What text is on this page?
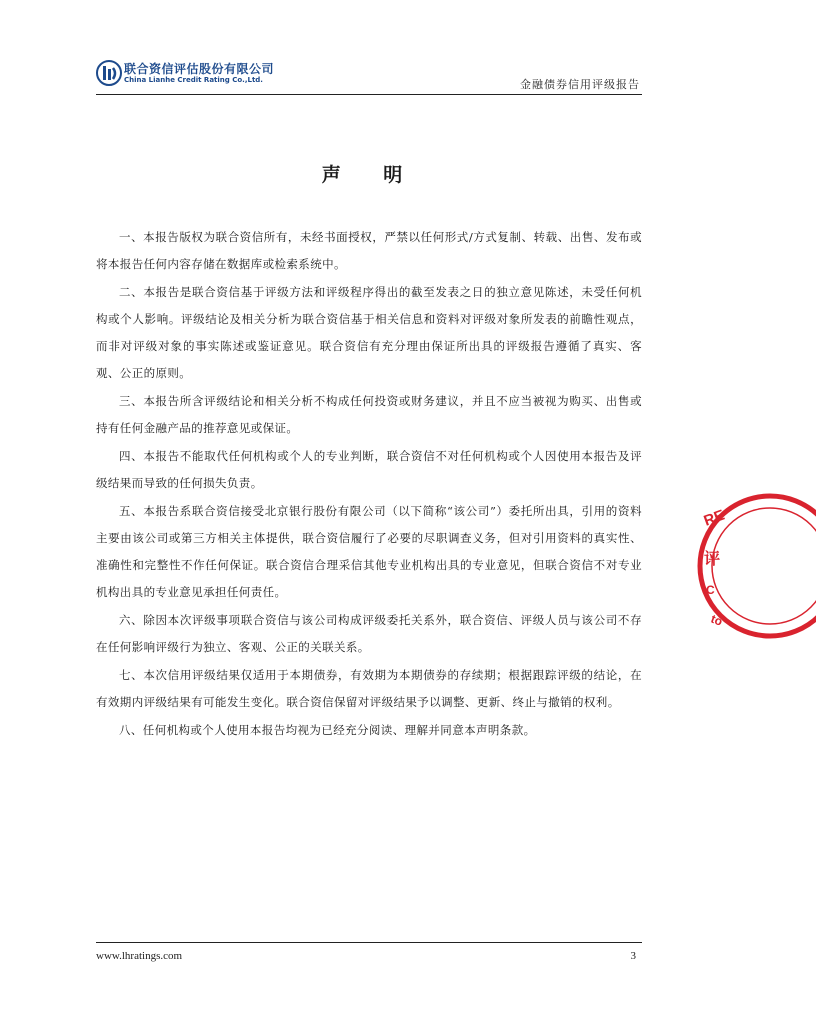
联合资信评估股份有限公司
China Lianhe Credit Rating Co.,Ltd.	金融债券信用评级报告
声 明

一、本报告版权为联合资信所有，未经书面授权，严禁以任何形式/方式复制、转载、出售、发布或将本报告任何内容存储在数据库或检索系统中。

二、本报告是联合资信基于评级方法和评级程序得出的截至发表之日的独立意见陈述，未受任何机构或个人影响。评级结论及相关分析为联合资信基于相关信息和资料对评级对象所发表的前瞻性观点，而非对评级对象的事实陈述或鉴证意见。联合资信有充分理由保证所出具的评级报告遵循了真实、客观、公正的原则。

三、本报告所含评级结论和相关分析不构成任何投资或财务建议，并且不应当被视为购买、出售或持有任何金融产品的推荐意见或保证。

四、本报告不能取代任何机构或个人的专业判断，联合资信不对任何机构或个人因使用本报告及评级结果而导致的任何损失负责。

五、本报告系联合资信接受北京银行股份有限公司（以下简称“该公司”）委托所出具，引用的资料主要由该公司或第三方相关主体提供，联合资信履行了必要的尽职调查义务，但对引用资料的真实性、准确性和完整性不作任何保证。联合资信合理采信其他专业机构出具的专业意见，但联合资信不对专业机构出具的专业意见承担任何责任。

六、除因本次评级事项联合资信与该公司构成评级委托关系外，联合资信、评级人员与该公司不存在任何影响评级行为独立、客观、公正的关联关系。

七、本次信用评级结果仅适用于本期债券，有效期为本期债券的存续期；根据跟踪评级的结论，在有效期内评级结果有可能发生变化。联合资信保留对评级结果予以调整、更新、终止与撤销的权利。

八、任何机构或个人使用本报告均视为已经充分阅读、理解并同意本声明条款。

www.lhratings.com	3
RE
评
C
to
